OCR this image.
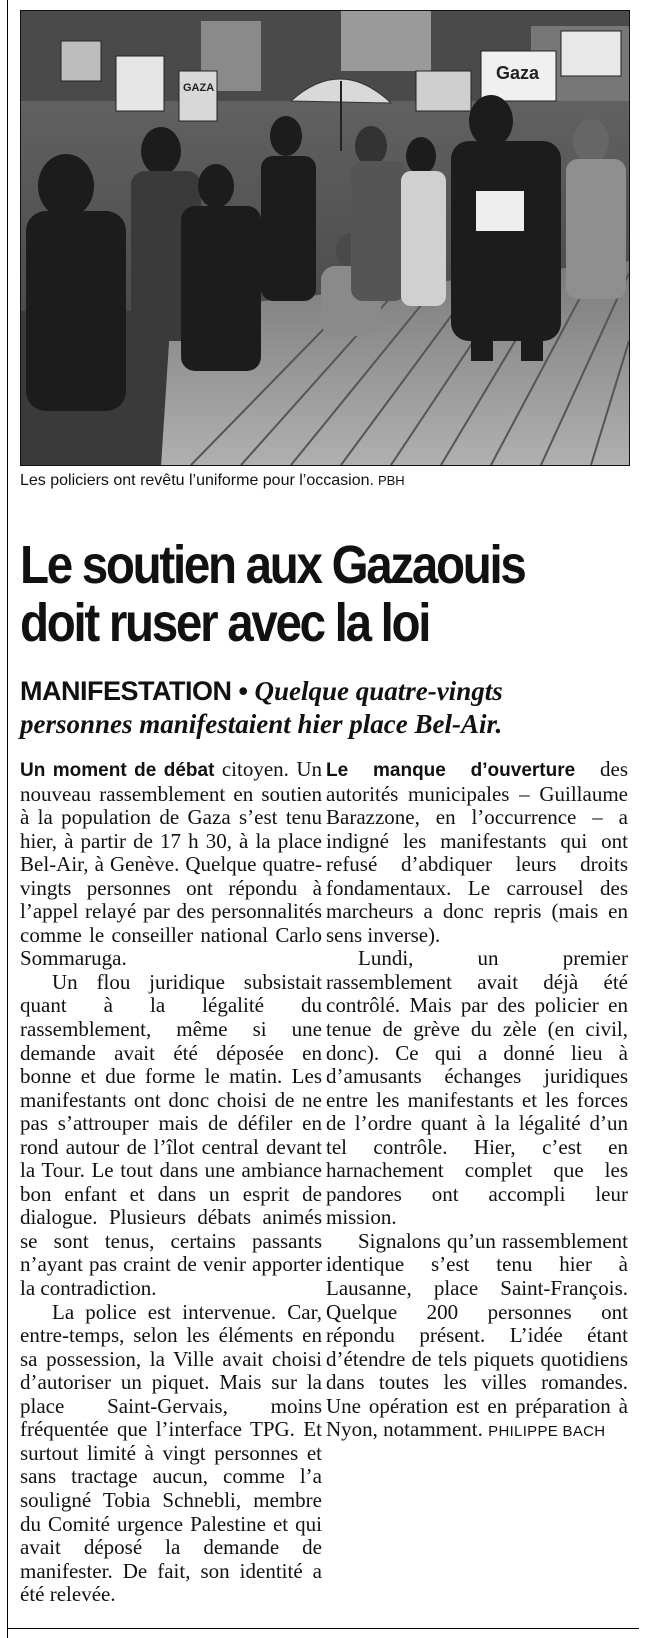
GAZA
Gaza
Les policiers ont revêtu l’uniforme pour l’occasion. PBH
Le soutien aux Gazaouis
doit ruser avec la loi
MANIFESTATION • Quelque quatre-vingts
personnes manifestaient hier place Bel-Air.

Un moment de débat citoyen. Un nouveau rassemblement en soutien à la population de Gaza s’est tenu hier, à partir de 17 h 30, à la place Bel-Air, à Genève. Quelque quatre-vingts personnes ont répondu à l’appel relayé par des personnalités comme le conseiller national Carlo Sommaruga.

Un flou juridique subsistait quant à la légalité du rassemblement, même si une demande avait été déposée en bonne et due forme le matin. Les manifestants ont donc choisi de ne pas s’attrouper mais de défiler en rond autour de l’îlot central devant la Tour. Le tout dans une ambiance bon enfant et dans un esprit de dialogue. Plusieurs débats animés se sont tenus, certains passants n’ayant pas craint de venir apporter la contradiction.

La police est intervenue. Car, entre-temps, selon les éléments en sa possession, la Ville avait choisi d’autoriser un piquet. Mais sur la place Saint-Gervais, moins fréquentée que l’interface TPG. Et surtout limité à vingt personnes et sans tractage aucun, comme l’a souligné Tobia Schnebli, membre du Comité urgence Palestine et qui avait déposé la demande de manifester. De fait, son identité a été relevée.

Le manque d’ouverture des autorités municipales – Guillaume Barazzone, en l’occurrence – a indigné les manifestants qui ont refusé d’abdiquer leurs droits fondamentaux. Le carrousel des marcheurs a donc repris (mais en sens inverse).

Lundi, un premier rassemblement avait déjà été contrôlé. Mais par des policier en tenue de grève du zèle (en civil, donc). Ce qui a donné lieu à d’amusants échanges juridiques entre les manifestants et les forces de l’ordre quant à la légalité d’un tel contrôle. Hier, c’est en harnachement complet que les pandores ont accompli leur mission.

Signalons qu’un rassemblement identique s’est tenu hier à Lausanne, place Saint-François. Quelque 200 personnes ont répondu présent. L’idée étant d’étendre de tels piquets quotidiens dans toutes les villes romandes. Une opération est en préparation à Nyon, notamment. PHILIPPE BACH
